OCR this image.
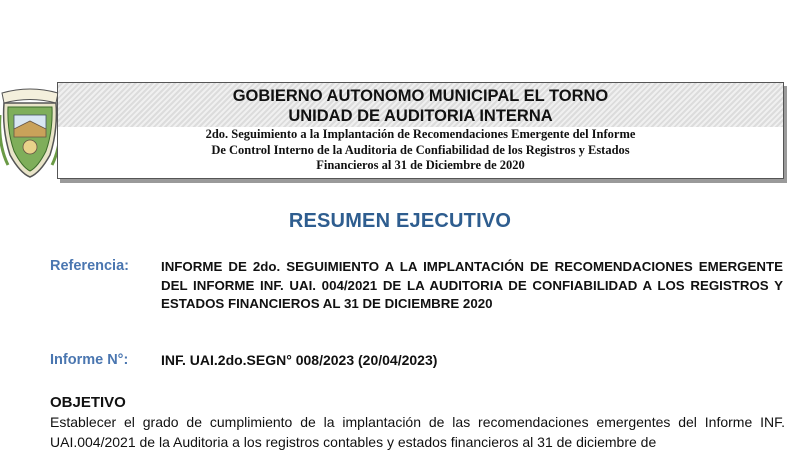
GOBIERNO AUTONOMO MUNICIPAL EL TORNO
UNIDAD DE AUDITORIA INTERNA
2do. Seguimiento a la Implantación de Recomendaciones Emergente del Informe
De Control Interno de la Auditoria de Confiabilidad de los Registros y Estados
Financieros al 31 de Diciembre de 2020
RESUMEN EJECUTIVO
Referencia: INFORME DE 2do. SEGUIMIENTO A LA IMPLANTACIÓN DE RECOMENDACIONES EMERGENTE DEL INFORME INF. UAI. 004/2021 DE LA AUDITORIA DE CONFIABILIDAD A LOS REGISTROS Y ESTADOS FINANCIEROS AL 31 DE DICIEMBRE 2020
Informe N°: INF. UAI.2do.SEGN° 008/2023 (20/04/2023)
OBJETIVO
Establecer el grado de cumplimiento de la implantación de las recomendaciones emergentes del Informe INF. UAI.004/2021 de la Auditoria a los registros contables y estados financieros al 31 de diciembre de
